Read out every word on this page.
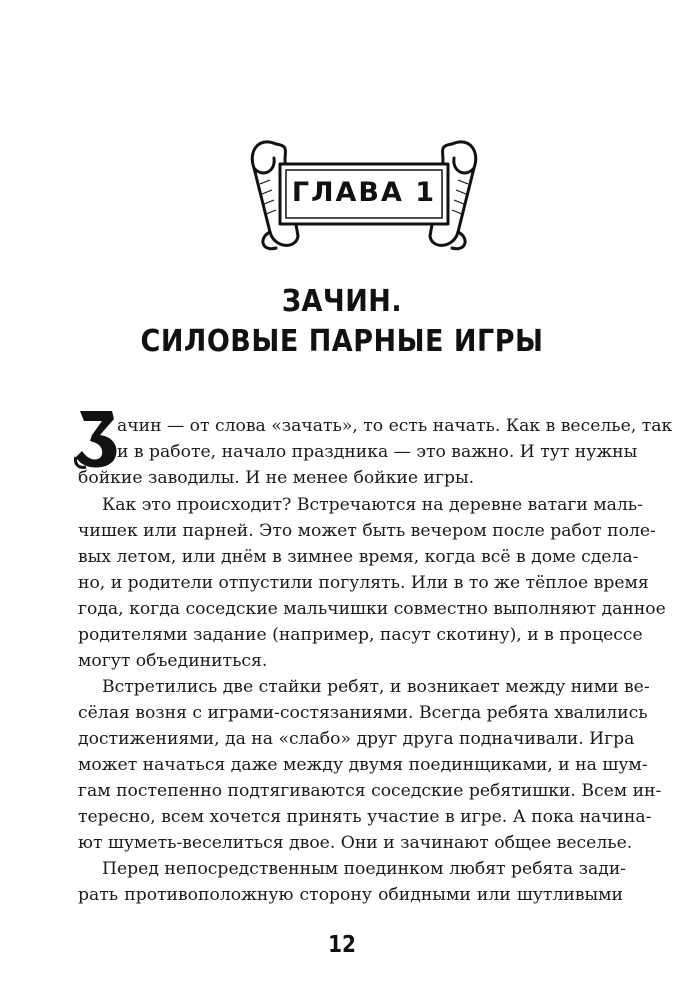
ГЛАВА 1
ЗАЧИН.
СИЛОВЫЕ ПАРНЫЕ ИГРЫ
ачин — от слова «зачать», то есть начать. Как в веселье, так
и в работе, начало праздника — это важно. И тут нужны
бойкие заводилы. И не менее бойкие игры.
Как это происходит? Встречаются на деревне ватаги маль-
чишек или парней. Это может быть вечером после работ поле-
вых летом, или днём в зимнее время, когда всё в доме сдела-
но, и родители отпустили погулять. Или в то же тёплое время
года, когда соседские мальчишки совместно выполняют данное
родителями задание (например, пасут скотину), и в процессе
могут объединиться.
Встретились две стайки ребят, и возникает между ними ве-
сёлая возня с играми-состязаниями. Всегда ребята хвалились
достижениями, да на «слабо» друг друга подначивали. Игра
может начаться даже между двумя поединщиками, и на шум-
гам постепенно подтягиваются соседские ребятишки. Всем ин-
тересно, всем хочется принять участие в игре. А пока начина-
ют шуметь-веселиться двое. Они и зачинают общее веселье.
Перед непосредственным поединком любят ребята зади-
рать противоположную сторону обидными или шутливыми
12
